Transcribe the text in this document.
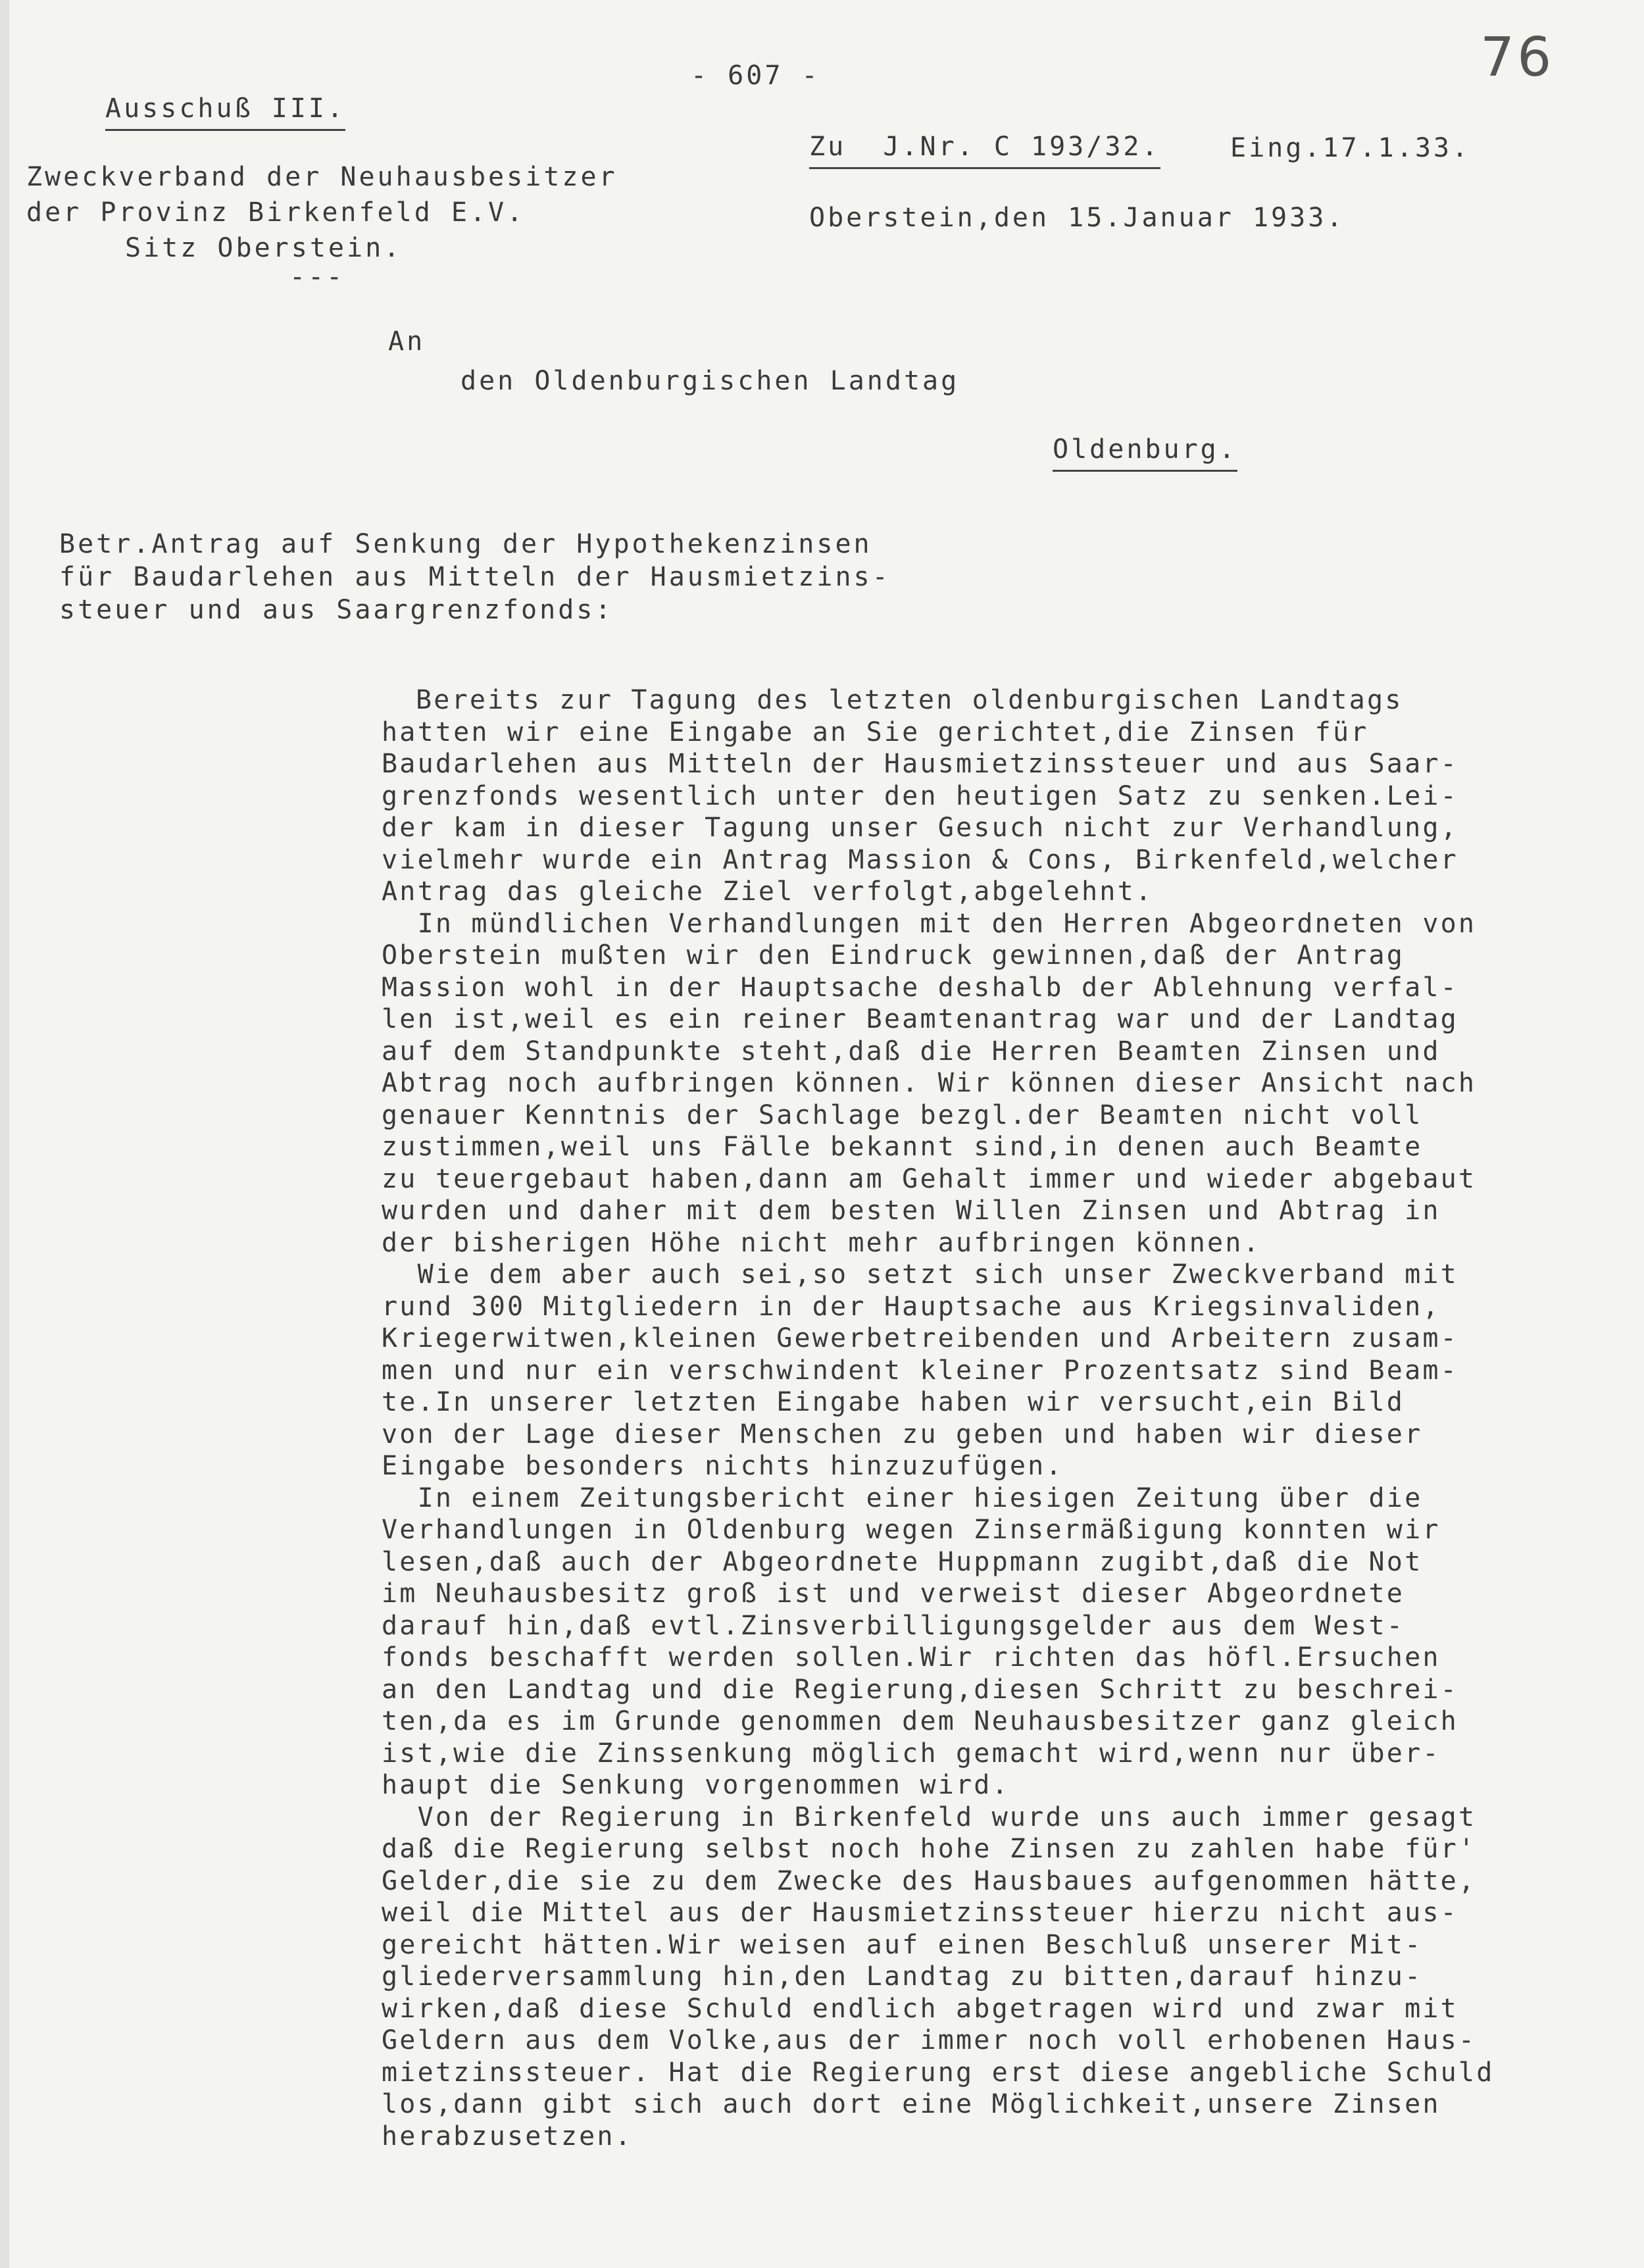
- 607 -	76
Ausschuß III.
Zweckverband der Neuhausbesitzer
der Provinz Birkenfeld E.V.
Sitz Oberstein.
---
Zu  J.Nr. C 193/32.	Eing.17.1.33.
Oberstein,den 15.Januar 1933.
An
den Oldenburgischen Landtag
Oldenburg.
Betr.Antrag auf Senkung der Hypothekenzinsen
für Baudarlehen aus Mitteln der Hausmietzins-
steuer und aus Saargrenzfonds:
Bereits zur Tagung des letzten oldenburgischen Landtags
hatten wir eine Eingabe an Sie gerichtet,die Zinsen für
Baudarlehen aus Mitteln der Hausmietzinssteuer und aus Saar-
grenzfonds wesentlich unter den heutigen Satz zu senken.Lei-
der kam in dieser Tagung unser Gesuch nicht zur Verhandlung,
vielmehr wurde ein Antrag Massion & Cons, Birkenfeld,welcher
Antrag das gleiche Ziel verfolgt,abgelehnt.
In mündlichen Verhandlungen mit den Herren Abgeordneten von
Oberstein mußten wir den Eindruck gewinnen,daß der Antrag
Massion wohl in der Hauptsache deshalb der Ablehnung verfal-
len ist,weil es ein reiner Beamtenantrag war und der Landtag
auf dem Standpunkte steht,daß die Herren Beamten Zinsen und
Abtrag noch aufbringen können. Wir können dieser Ansicht nach
genauer Kenntnis der Sachlage bezgl.der Beamten nicht voll
zustimmen,weil uns Fälle bekannt sind,in denen auch Beamte
zu teuergebaut haben,dann am Gehalt immer und wieder abgebaut
wurden und daher mit dem besten Willen Zinsen und Abtrag in
der bisherigen Höhe nicht mehr aufbringen können.
Wie dem aber auch sei,so setzt sich unser Zweckverband mit
rund 300 Mitgliedern in der Hauptsache aus Kriegsinvaliden,
Kriegerwitwen,kleinen Gewerbetreibenden und Arbeitern zusam-
men und nur ein verschwindent kleiner Prozentsatz sind Beam-
te.In unserer letzten Eingabe haben wir versucht,ein Bild
von der Lage dieser Menschen zu geben und haben wir dieser
Eingabe besonders nichts hinzuzufügen.
In einem Zeitungsbericht einer hiesigen Zeitung über die
Verhandlungen in Oldenburg wegen Zinsermäßigung konnten wir
lesen,daß auch der Abgeordnete Huppmann zugibt,daß die Not
im Neuhausbesitz groß ist und verweist dieser Abgeordnete
darauf hin,daß evtl.Zinsverbilligungsgelder aus dem West-
fonds beschafft werden sollen.Wir richten das höfl.Ersuchen
an den Landtag und die Regierung,diesen Schritt zu beschrei-
ten,da es im Grunde genommen dem Neuhausbesitzer ganz gleich
ist,wie die Zinssenkung möglich gemacht wird,wenn nur über-
haupt die Senkung vorgenommen wird.
Von der Regierung in Birkenfeld wurde uns auch immer gesagt
daß die Regierung selbst noch hohe Zinsen zu zahlen habe für'
Gelder,die sie zu dem Zwecke des Hausbaues aufgenommen hätte,
weil die Mittel aus der Hausmietzinssteuer hierzu nicht aus-
gereicht hätten.Wir weisen auf einen Beschluß unserer Mit-
gliederversammlung hin,den Landtag zu bitten,darauf hinzu-
wirken,daß diese Schuld endlich abgetragen wird und zwar mit
Geldern aus dem Volke,aus der immer noch voll erhobenen Haus-
mietzinssteuer. Hat die Regierung erst diese angebliche Schuld
los,dann gibt sich auch dort eine Möglichkeit,unsere Zinsen
herabzusetzen.
